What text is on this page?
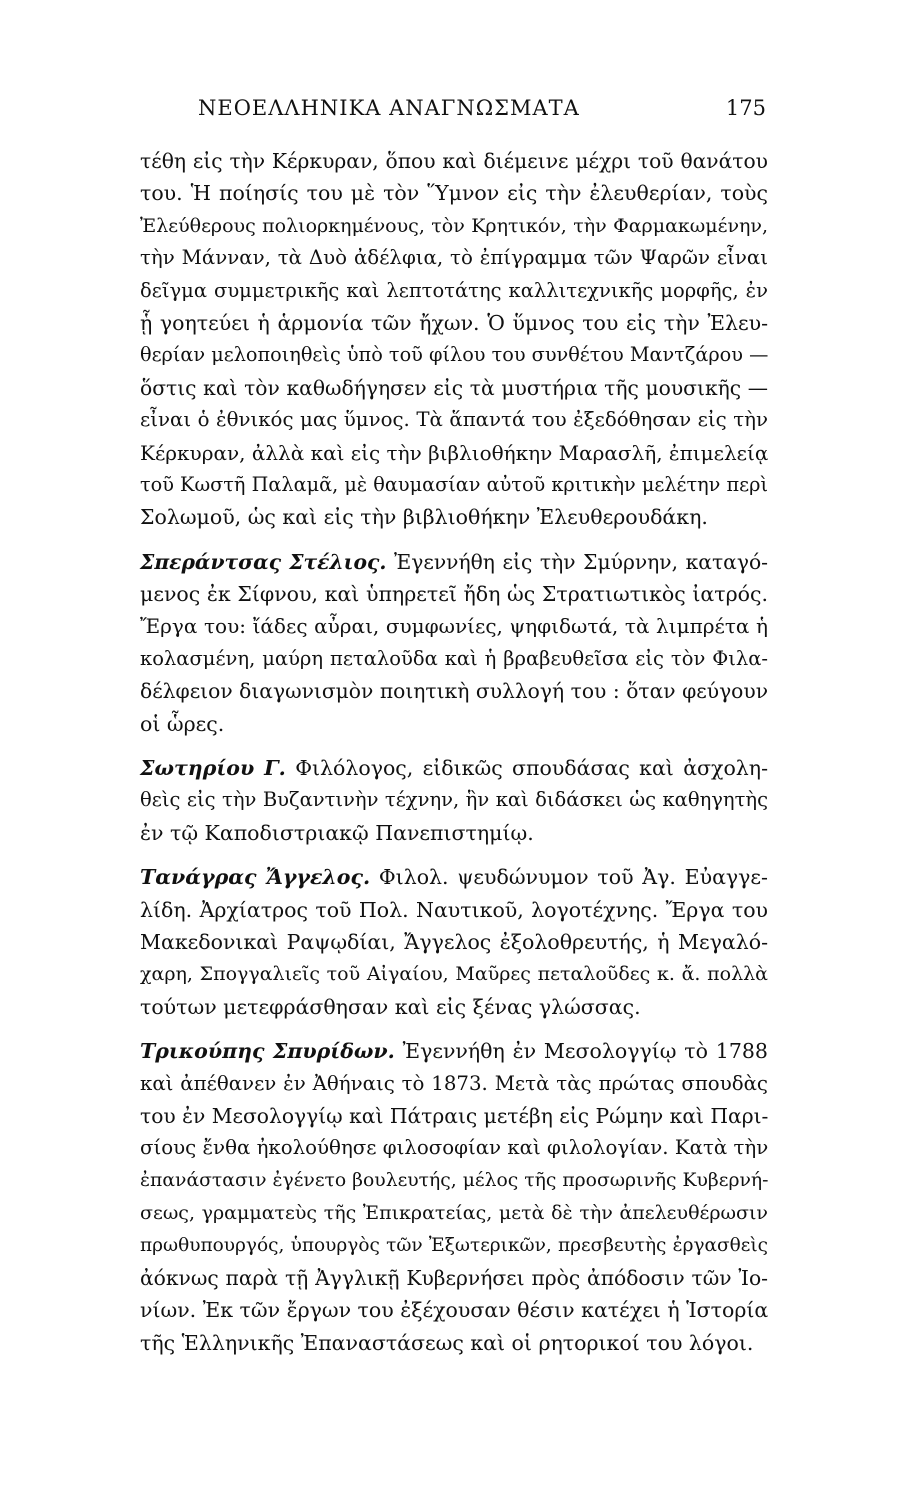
ΝΕΟΕΛΛΗΝΙΚΑ ΑΝΑΓΝΩΣΜΑΤΑ	175
τέθη εἰς τὴν Κέρκυραν, ὅπου καὶ διέμεινε μέχρι τοῦ θανάτου
του. Ἡ ποίησίς του μὲ τὸν Ὕμνον εἰς τὴν ἐλευθερίαν, τοὺς
Ἐλεύθερους πολιορκημένους, τὸν Κρητικόν, τὴν Φαρμακωμένην,
τὴν Μάνναν, τὰ Δυὸ ἀδέλφια, τὸ ἐπίγραμμα τῶν Ψαρῶν εἶναι
δεῖγμα συμμετρικῆς καὶ λεπτοτάτης καλλιτεχνικῆς μορφῆς, ἐν
ᾗ γοητεύει ἡ ἁρμονία τῶν ἤχων. Ὁ ὕμνος του εἰς τὴν Ἐλευ-
θερίαν μελοποιηθεὶς ὑπὸ τοῦ φίλου του συνθέτου Μαντζάρου —
ὅστις καὶ τὸν καθωδήγησεν εἰς τὰ μυστήρια τῆς μουσικῆς —
εἶναι ὁ ἐθνικός μας ὕμνος. Τὰ ἅπαντά του ἐξεδόθησαν εἰς τὴν
Κέρκυραν, ἀλλὰ καὶ εἰς τὴν βιβλιοθήκην Μαρασλῆ, ἐπιμελείᾳ
τοῦ Κωστῆ Παλαμᾶ, μὲ θαυμασίαν αὐτοῦ κριτικὴν μελέτην περὶ
Σολωμοῦ, ὡς καὶ εἰς τὴν βιβλιοθήκην Ἐλευθερουδάκη.
Σπεράντσας Στέλιος. Ἐγεννήθη εἰς τὴν Σμύρνην, καταγό-
μενος ἐκ Σίφνου, καὶ ὑπηρετεῖ ἤδη ὡς Στρατιωτικὸς ἰατρός.
Ἔργα του: ἴάδες αὖραι, συμφωνίες, ψηφιδωτά, τὰ λιμπρέτα ἡ
κολασμένη, μαύρη πεταλοῦδα καὶ ἡ βραβευθεῖσα εἰς τὸν Φιλα-
δέλφειον διαγωνισμὸν ποιητικὴ συλλογή του : ὅταν φεύγουν
οἱ ὧρες.
Σωτηρίου Γ. Φιλόλογος, εἰδικῶς σπουδάσας καὶ ἀσχολη-
θεὶς εἰς τὴν Βυζαντινὴν τέχνην, ἣν καὶ διδάσκει ὡς καθηγητὴς
ἐν τῷ Καποδιστριακῷ Πανεπιστημίῳ.
Τανάγρας Ἄγγελος. Φιλολ. ψευδώνυμον τοῦ Ἀγ. Εὐαγγε-
λίδη. Ἀρχίατρος τοῦ Πολ. Ναυτικοῦ, λογοτέχνης. Ἔργα του
Μακεδονικαὶ Ραψῳδίαι, Ἄγγελος ἐξολοθρευτής, ἡ Μεγαλό-
χαρη, Σπογγαλιεῖς τοῦ Αἰγαίου, Μαῦρες πεταλοῦδες κ. ἄ. πολλὰ
τούτων μετεφράσθησαν καὶ εἰς ξένας γλώσσας.
Τρικούπης Σπυρίδων. Ἐγεννήθη ἐν Μεσολογγίῳ τὸ 1788
καὶ ἀπέθανεν ἐν Ἀθήναις τὸ 1873. Μετὰ τὰς πρώτας σπουδὰς
του ἐν Μεσολογγίῳ καὶ Πάτραις μετέβη εἰς Ρώμην καὶ Παρι-
σίους ἔνθα ἠκολούθησε φιλοσοφίαν καὶ φιλολογίαν. Κατὰ τὴν
ἐπανάστασιν ἐγένετο βουλευτής, μέλος τῆς προσωρινῆς Κυβερνή-
σεως, γραμματεὺς τῆς Ἐπικρατείας, μετὰ δὲ τὴν ἀπελευθέρωσιν
πρωθυπουργός, ὑπουργὸς τῶν Ἐξωτερικῶν, πρεσβευτὴς ἐργασθεὶς
ἀόκνως παρὰ τῇ Ἀγγλικῇ Κυβερνήσει πρὸς ἀπόδοσιν τῶν Ἰο-
νίων. Ἐκ τῶν ἔργων του ἐξέχουσαν θέσιν κατέχει ἡ Ἱστορία
τῆς Ἑλληνικῆς Ἐπαναστάσεως καὶ οἱ ρητορικοί του λόγοι.
